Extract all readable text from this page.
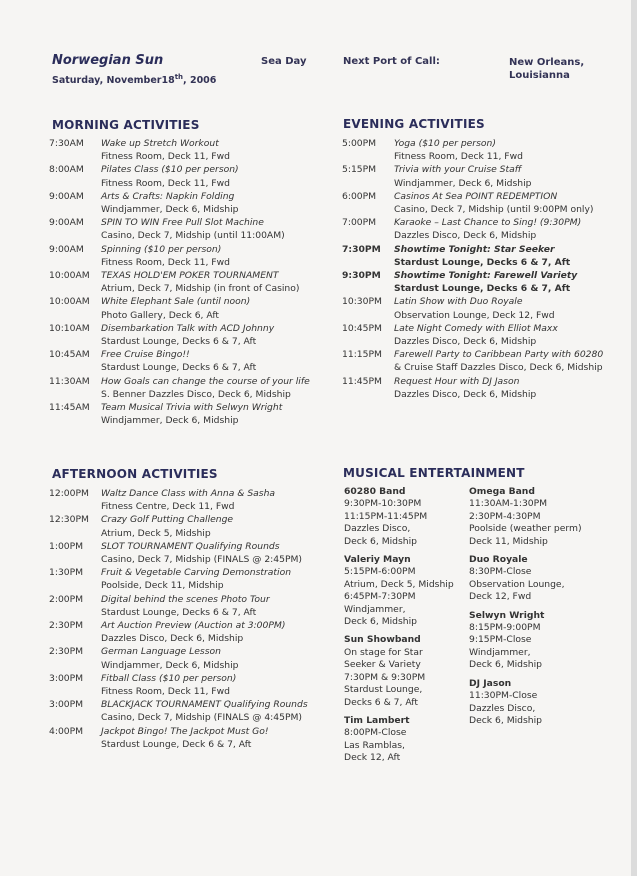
Norwegian Sun
Saturday, November18th, 2006
Sea Day	Next Port of Call:	New Orleans,
Louisianna
MORNING ACTIVITIES	EVENING ACTIVITIES
AFTERNOON ACTIVITIES	MUSICAL ENTERTAINMENT
7:30AM Wake up Stretch Workout
Fitness Room, Deck 11, Fwd
8:00AM Pilates Class ($10 per person)
Fitness Room, Deck 11, Fwd
9:00AM Arts & Crafts: Napkin Folding
Windjammer, Deck 6, Midship
9:00AM SPIN TO WIN Free Pull Slot Machine
Casino, Deck 7, Midship (until 11:00AM)
9:00AM Spinning ($10 per person)
Fitness Room, Deck 11, Fwd
10:00AM TEXAS HOLD'EM POKER TOURNAMENT
Atrium, Deck 7, Midship (in front of Casino)
10:00AM White Elephant Sale (until noon)
Photo Gallery, Deck 6, Aft
10:10AM Disembarkation Talk with ACD Johnny
Stardust Lounge, Decks 6 & 7, Aft
10:45AM Free Cruise Bingo!!
Stardust Lounge, Decks 6 & 7, Aft
11:30AM How Goals can change the course of your life
S. Benner Dazzles Disco, Deck 6, Midship
11:45AM Team Musical Trivia with Selwyn Wright
Windjammer, Deck 6, Midship
5:00PM Yoga ($10 per person)
Fitness Room, Deck 11, Fwd
5:15PM Trivia with your Cruise Staff
Windjammer, Deck 6, Midship
6:00PM Casinos At Sea POINT REDEMPTION
Casino, Deck 7, Midship (until 9:00PM only)
7:00PM Karaoke – Last Chance to Sing! (9:30PM)
Dazzles Disco, Deck 6, Midship
7:30PM Showtime Tonight: Star Seeker
Stardust Lounge, Decks 6 & 7, Aft
9:30PM Showtime Tonight: Farewell Variety
Stardust Lounge, Decks 6 & 7, Aft
10:30PM Latin Show with Duo Royale
Observation Lounge, Deck 12, Fwd
10:45PM Late Night Comedy with Elliot Maxx
Dazzles Disco, Deck 6, Midship
11:15PM Farewell Party to Caribbean Party with 60280
& Cruise Staff Dazzles Disco, Deck 6, Midship
11:45PM Request Hour with DJ Jason
Dazzles Disco, Deck 6, Midship
12:00PM Waltz Dance Class with Anna & Sasha
Fitness Centre, Deck 11, Fwd
12:30PM Crazy Golf Putting Challenge
Atrium, Deck 5, Midship
1:00PM SLOT TOURNAMENT Qualifying Rounds
Casino, Deck 7, Midship (FINALS @ 2:45PM)
1:30PM Fruit & Vegetable Carving Demonstration
Poolside, Deck 11, Midship
2:00PM Digital behind the scenes Photo Tour
Stardust Lounge, Decks 6 & 7, Aft
2:30PM Art Auction Preview (Auction at 3:00PM)
Dazzles Disco, Deck 6, Midship
2:30PM German Language Lesson
Windjammer, Deck 6, Midship
3:00PM Fitball Class ($10 per person)
Fitness Room, Deck 11, Fwd
3:00PM BLACKJACK TOURNAMENT Qualifying Rounds
Casino, Deck 7, Midship (FINALS @ 4:45PM)
4:00PM Jackpot Bingo! The Jackpot Must Go!
Stardust Lounge, Deck 6 & 7, Aft
60280 Band
9:30PM-10:30PM
11:15PM-11:45PM
Dazzles Disco,
Deck 6, Midship
Valeriy Mayn
5:15PM-6:00PM
Atrium, Deck 5, Midship
6:45PM-7:30PM
Windjammer,
Deck 6, Midship
Sun Showband
On stage for Star
Seeker & Variety
7:30PM & 9:30PM
Stardust Lounge,
Decks 6 & 7, Aft
Tim Lambert
8:00PM-Close
Las Ramblas,
Deck 12, Aft
Omega Band
11:30AM-1:30PM
2:30PM-4:30PM
Poolside (weather perm)
Deck 11, Midship
Duo Royale
8:30PM-Close
Observation Lounge,
Deck 12, Fwd
Selwyn Wright
8:15PM-9:00PM
9:15PM-Close
Windjammer,
Deck 6, Midship
DJ Jason
11:30PM-Close
Dazzles Disco,
Deck 6, Midship
